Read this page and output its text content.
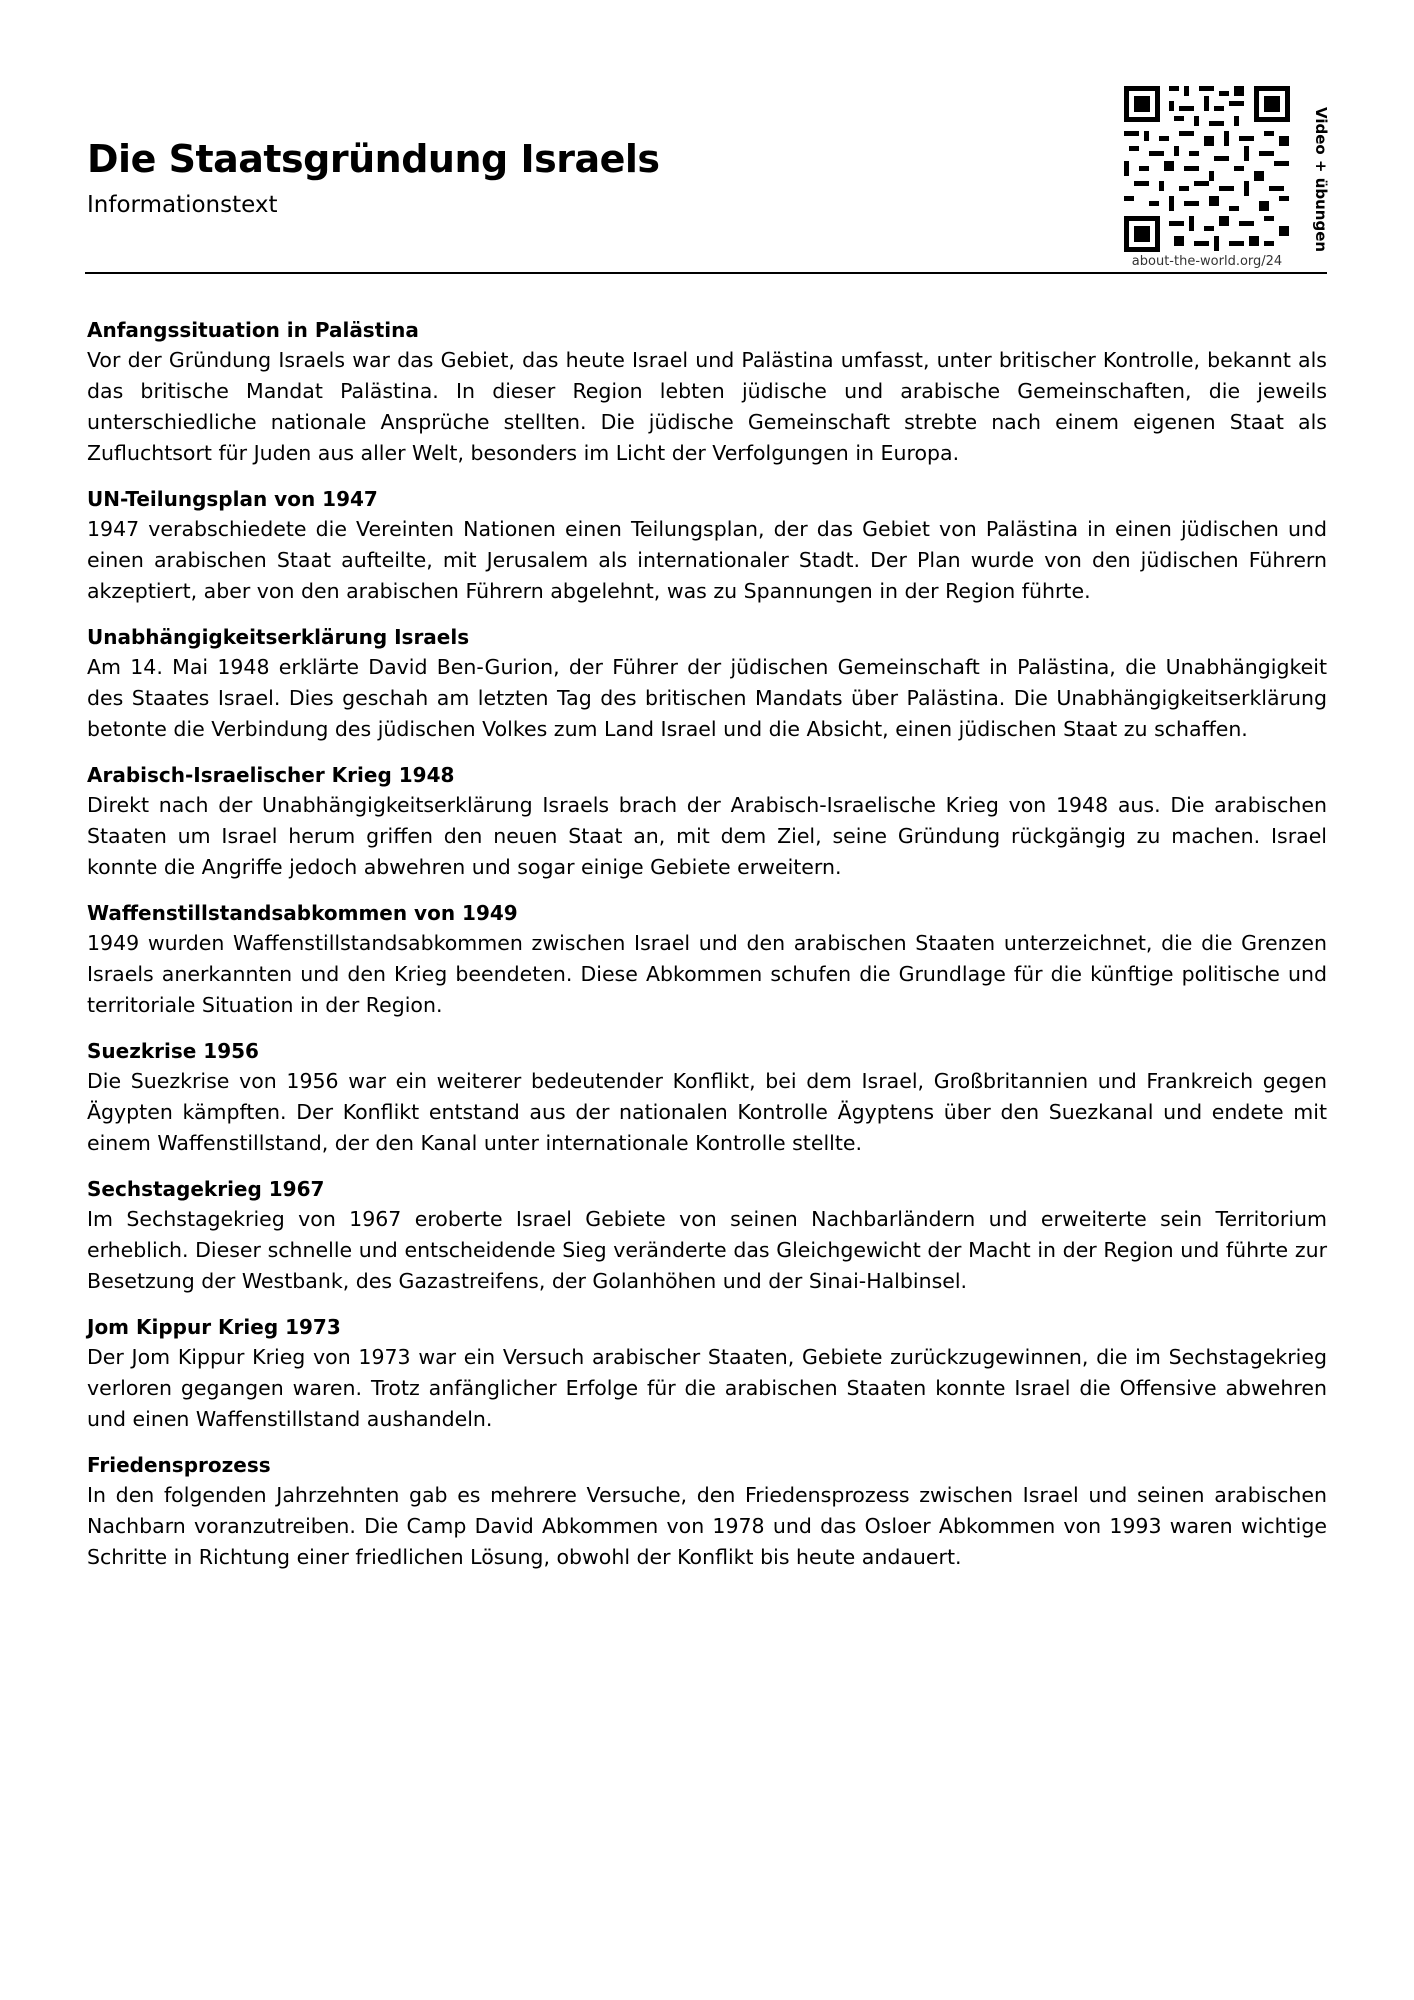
Die Staatsgründung Israels
Informationstext
about-the-world.org/24
Video + übungen
Anfangssituation in Palästina

Vor der Gründung Israels war das Gebiet, das heute Israel und Palästina umfasst, unter britischer Kontrolle, bekannt als das britische Mandat Palästina. In dieser Region lebten jüdische und arabische Gemeinschaften, die jeweils unterschiedliche nationale Ansprüche stellten. Die jüdische Gemeinschaft strebte nach einem eigenen Staat als Zufluchtsort für Juden aus aller Welt, besonders im Licht der Verfolgungen in Europa.

UN-Teilungsplan von 1947

1947 verabschiedete die Vereinten Nationen einen Teilungsplan, der das Gebiet von Palästina in einen jüdischen und einen arabischen Staat aufteilte, mit Jerusalem als internationaler Stadt. Der Plan wurde von den jüdischen Führern akzeptiert, aber von den arabischen Führern abgelehnt, was zu Spannungen in der Region führte.

Unabhängigkeitserklärung Israels

Am 14. Mai 1948 erklärte David Ben-Gurion, der Führer der jüdischen Gemeinschaft in Palästina, die Unabhängigkeit des Staates Israel. Dies geschah am letzten Tag des britischen Mandats über Palästina. Die Unabhängigkeitserklärung betonte die Verbindung des jüdischen Volkes zum Land Israel und die Absicht, einen jüdischen Staat zu schaffen.

Arabisch-Israelischer Krieg 1948

Direkt nach der Unabhängigkeitserklärung Israels brach der Arabisch-Israelische Krieg von 1948 aus. Die arabischen Staaten um Israel herum griffen den neuen Staat an, mit dem Ziel, seine Gründung rückgängig zu machen. Israel konnte die Angriffe jedoch abwehren und sogar einige Gebiete erweitern.

Waffenstillstandsabkommen von 1949

1949 wurden Waffenstillstandsabkommen zwischen Israel und den arabischen Staaten unterzeichnet, die die Grenzen Israels anerkannten und den Krieg beendeten. Diese Abkommen schufen die Grundlage für die künftige politische und territoriale Situation in der Region.

Suezkrise 1956

Die Suezkrise von 1956 war ein weiterer bedeutender Konflikt, bei dem Israel, Großbritannien und Frankreich gegen Ägypten kämpften. Der Konflikt entstand aus der nationalen Kontrolle Ägyptens über den Suezkanal und endete mit einem Waffenstillstand, der den Kanal unter internationale Kontrolle stellte.

Sechstagekrieg 1967

Im Sechstagekrieg von 1967 eroberte Israel Gebiete von seinen Nachbarländern und erweiterte sein Territorium erheblich. Dieser schnelle und entscheidende Sieg veränderte das Gleichgewicht der Macht in der Region und führte zur Besetzung der Westbank, des Gazastreifens, der Golanhöhen und der Sinai-Halbinsel.

Jom Kippur Krieg 1973

Der Jom Kippur Krieg von 1973 war ein Versuch arabischer Staaten, Gebiete zurückzugewinnen, die im Sechstagekrieg verloren gegangen waren. Trotz anfänglicher Erfolge für die arabischen Staaten konnte Israel die Offensive abwehren und einen Waffenstillstand aushandeln.

Friedensprozess

In den folgenden Jahrzehnten gab es mehrere Versuche, den Friedensprozess zwischen Israel und seinen arabischen Nachbarn voranzutreiben. Die Camp David Abkommen von 1978 und das Osloer Abkommen von 1993 waren wichtige Schritte in Richtung einer friedlichen Lösung, obwohl der Konflikt bis heute andauert.
